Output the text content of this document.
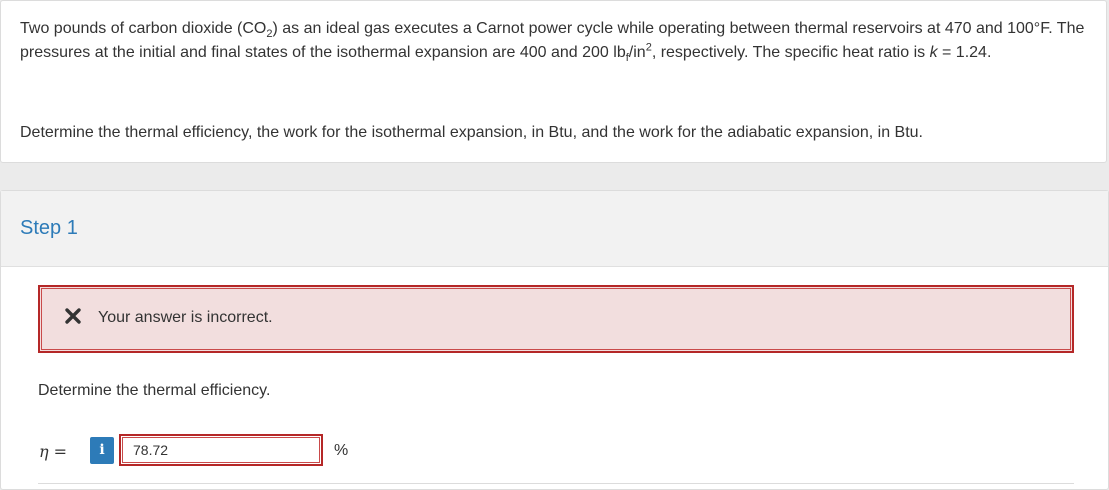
Two pounds of carbon dioxide $(CO_2)$ as an ideal gas executes a Carnot power cycle while operating between thermal reservoirs at 470 and 100°F. The pressures at the initial and final states of the isothermal expansion are 400 and 200 $lb_f/in^2$, respectively. The specific heat ratio is k = 1.24.
Determine the thermal efficiency, the work for the isothermal expansion, in Btu, and the work for the adiabatic expansion, in Btu.
Step 1
Your answer is incorrect.
Determine the thermal efficiency.
η =	i
78.72	%
